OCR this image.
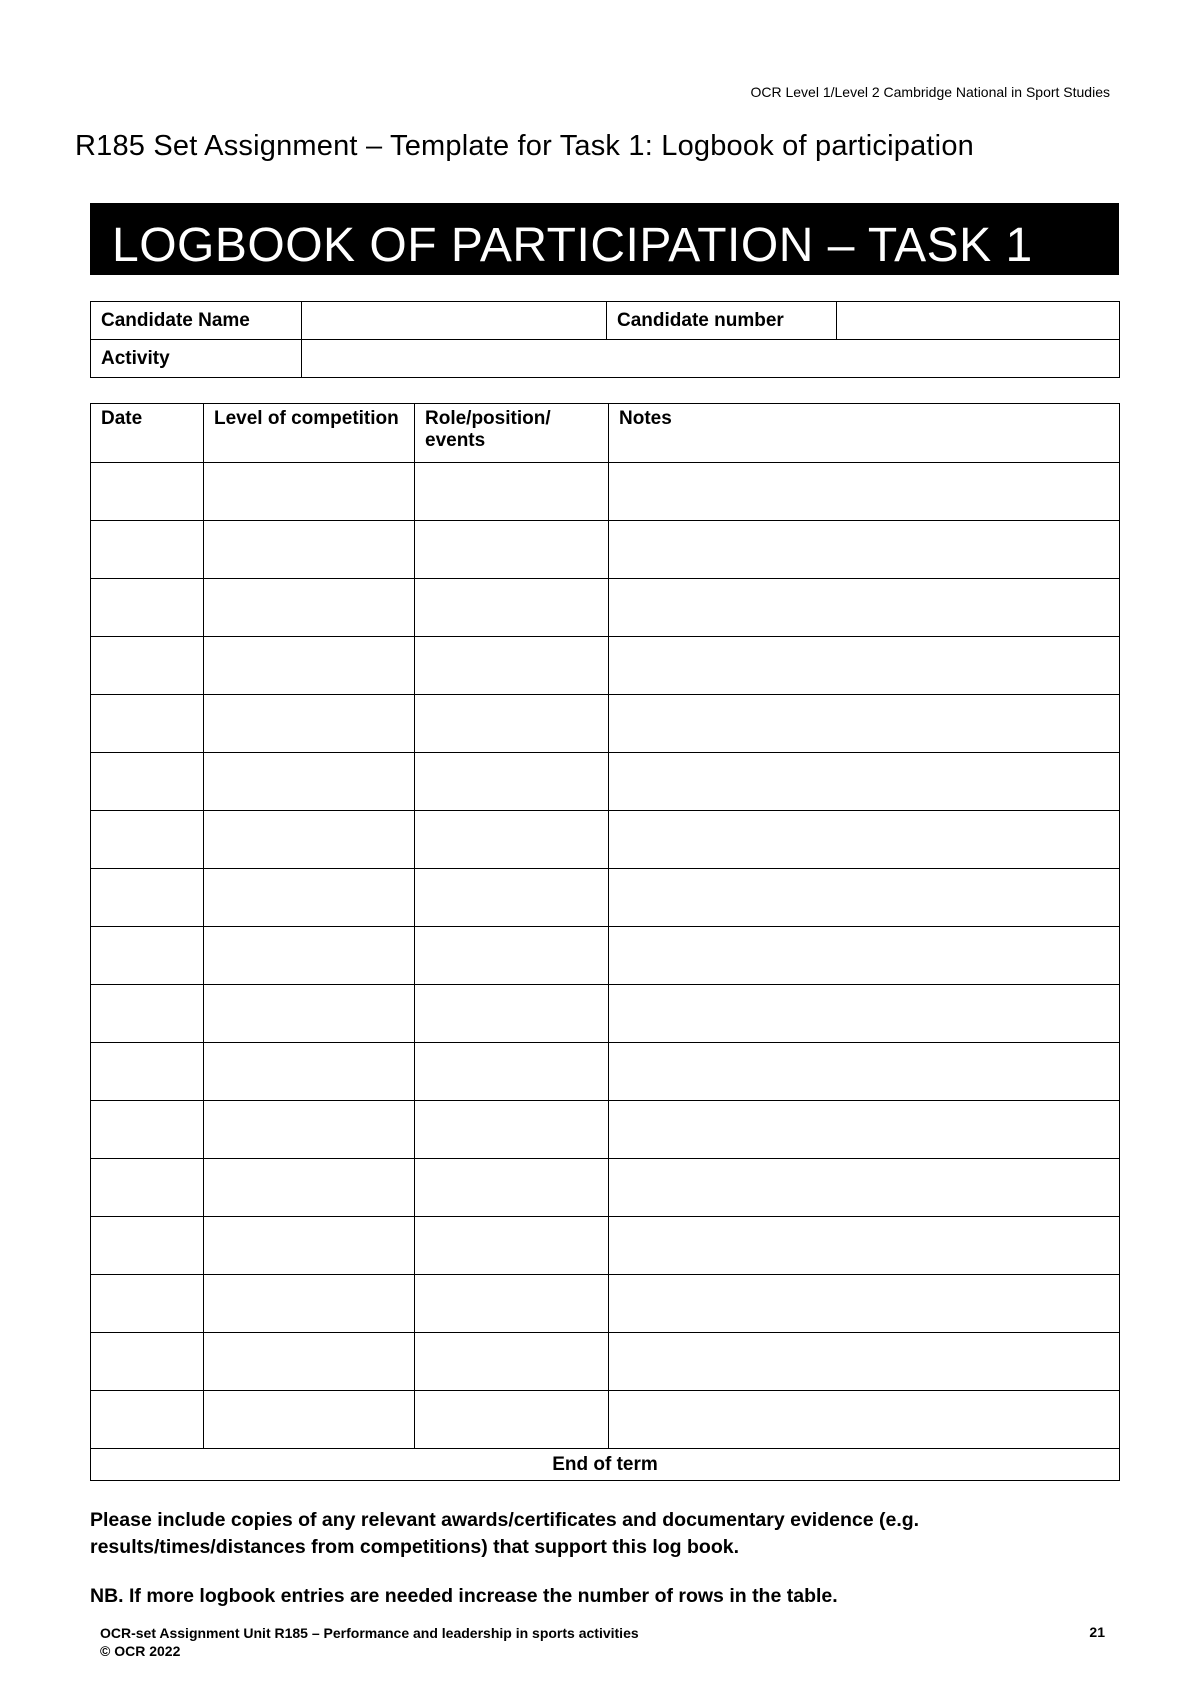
OCR Level 1/Level 2 Cambridge National in Sport Studies
R185 Set Assignment – Template for Task 1: Logbook of participation
LOGBOOK OF PARTICIPATION – TASK 1
Candidate Name		Candidate number	
Activity			
Date	Level of competition	Role/position/ events	Notes

End of term			
Please include copies of any relevant awards/certificates and documentary evidence (e.g. results/times/distances from competitions) that support this log book.
NB. If more logbook entries are needed increase the number of rows in the table.
OCR-set Assignment Unit R185 – Performance and leadership in sports activities
© OCR 2022
21
